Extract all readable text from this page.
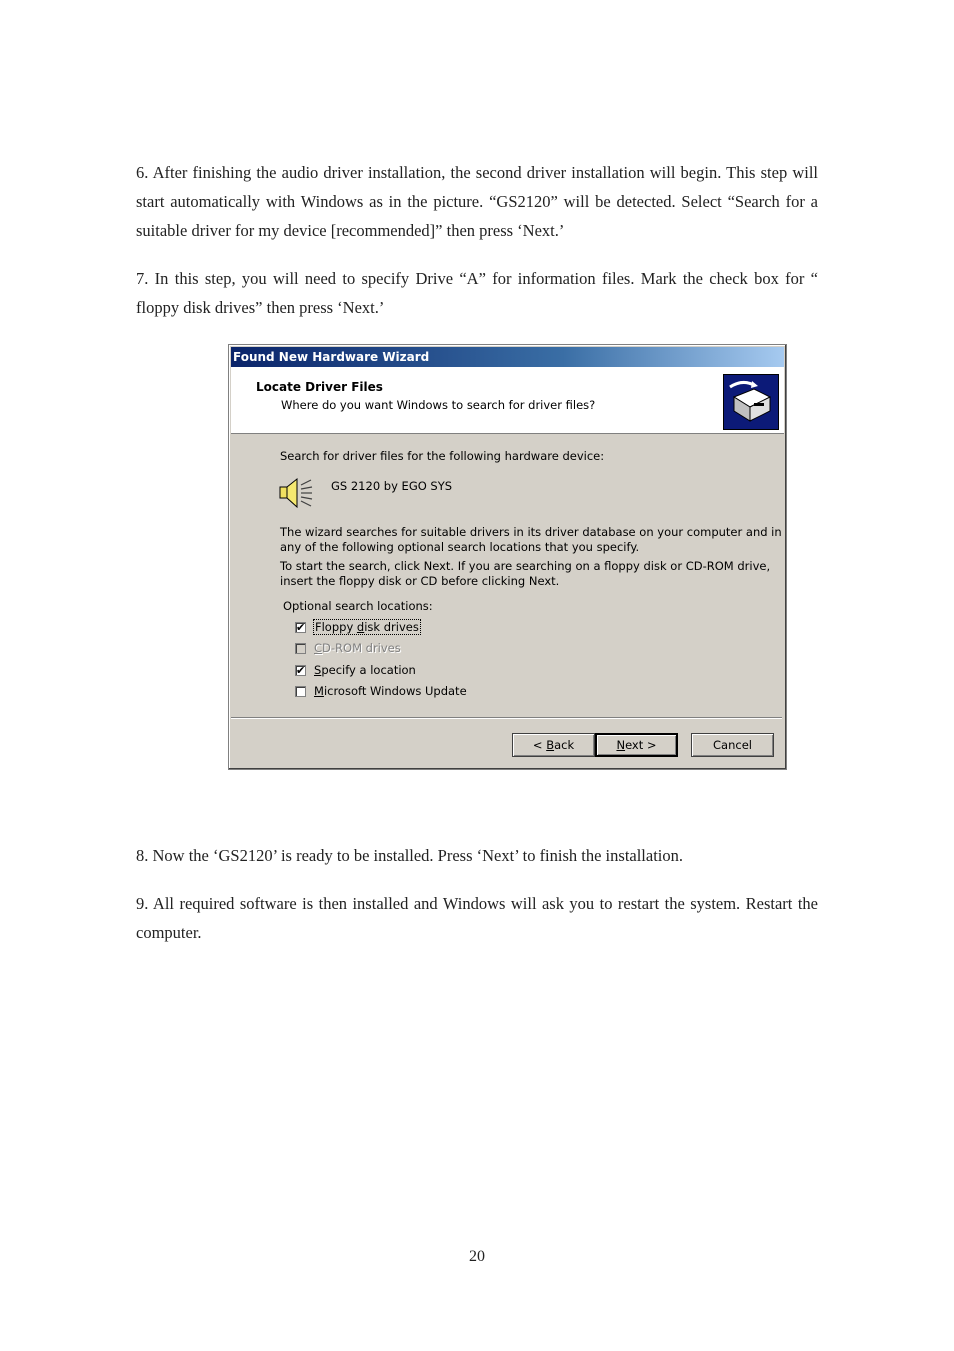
6. After finishing the audio driver installation, the second driver installation will begin. This step will start automatically with Windows as in the picture. “GS2120” will be detected. Select “Search for a suitable driver for my device [recommended]” then press ‘Next.’

7. In this step, you will need to specify Drive “A” for information files. Mark the check box for “ floppy disk drives” then press ‘Next.’

Found New Hardware Wizard
Locate Driver Files
Where do you want Windows to search for driver files?
Search for driver files for the following hardware device:
GS 2120 by EGO SYS
The wizard searches for suitable drivers in its driver database on your computer and in
any of the following optional search locations that you specify.
To start the search, click Next. If you are searching on a floppy disk or CD-ROM drive,
insert the floppy disk or CD before clicking Next.
Optional search locations:
✔ Floppy disk drives
CD-ROM drives
✔ Specify a location
Microsoft Windows Update
< Back	Next >	Cancel

8. Now the ‘GS2120’ is ready to be installed. Press ‘Next’ to finish the installation.

9. All required software is then installed and Windows will ask you to restart the system. Restart the computer.

20
